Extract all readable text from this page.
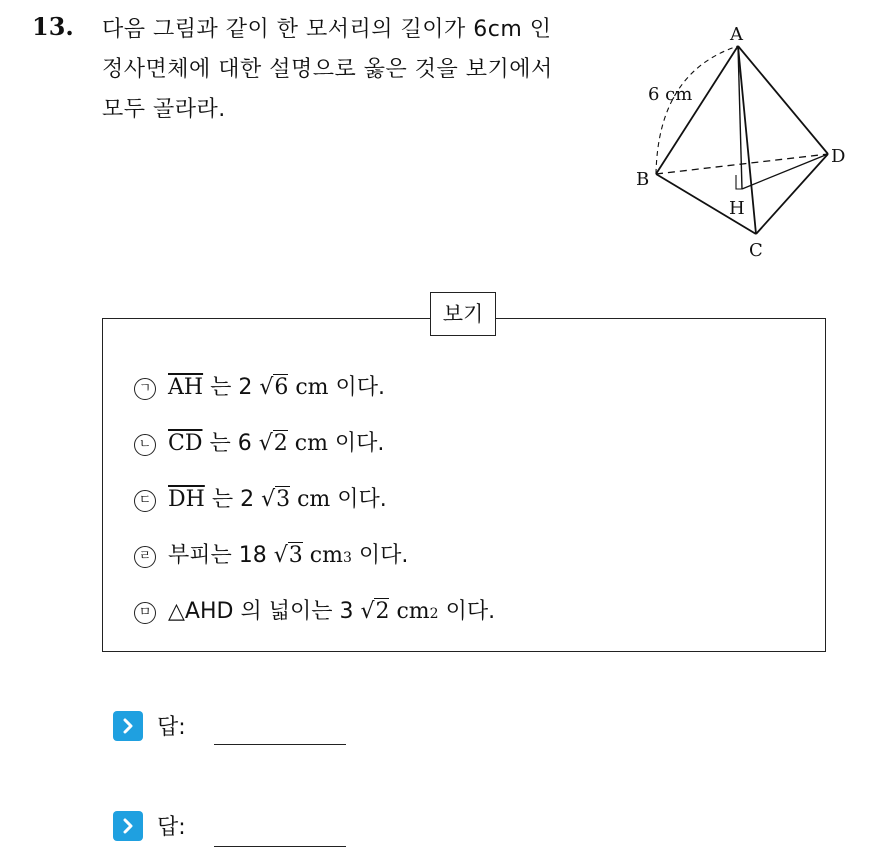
13. 다음 그림과 같이 한 모서리의 길이가 6cm 인
정사면체에 대한 설명으로 옳은 것을 보기에서
모두 골라라.
A
B
C
D
H
6 cm
보기
ㄱ $\overline{AH}$ 는 2 √ 6 cm 이다.
ㄴ $\overline{CD}$ 는 6 √ 2 cm 이다.
ㄷ $\overline{DH}$ 는 2 √ 3 cm 이다.
ㄹ 부피는 18 √ 3 cm 3 이다.
ㅁ △AHD 의 넓이는 3 √ 2 cm 2 이다.
답:
답:
